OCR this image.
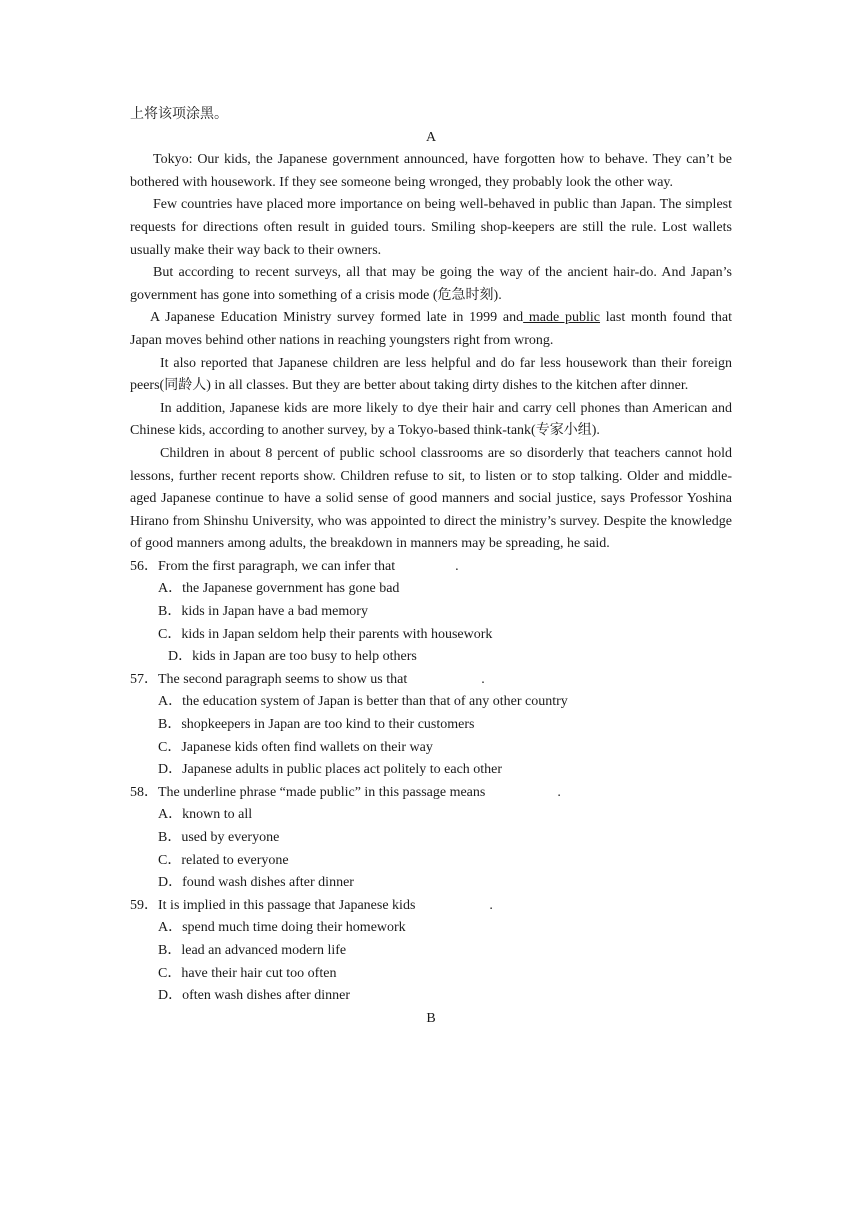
上将该项涂黑。

A

Tokyo: Our kids, the Japanese government announced, have forgotten how to behave. They can’t be bothered with housework. If they see someone being wronged, they probably look the other way.

Few countries have placed more importance on being well-behaved in public than Japan. The simplest requests for directions often result in guided tours. Smiling shop-keepers are still the rule. Lost wallets usually make their way back to their owners.

But according to recent surveys, all that may be going the way of the ancient hair-do. And Japan’s government has gone into something of a crisis mode (危急时刻).

A Japanese Education Ministry survey formed late in 1999 and made public last month found that Japan moves behind other nations in reaching youngsters right from wrong.

It also reported that Japanese children are less helpful and do far less housework than their foreign peers(同龄人) in all classes. But they are better about taking dirty dishes to the kitchen after dinner.

In addition, Japanese kids are more likely to dye their hair and carry cell phones than American and Chinese kids, according to another survey, by a Tokyo-based think-tank(专家小组).

Children in about 8 percent of public school classrooms are so disorderly that teachers cannot hold lessons, further recent reports show. Children refuse to sit, to listen or to stop talking. Older and middle-aged Japanese continue to have a solid sense of good manners and social justice, says Professor Yoshina Hirano from Shinshu University, who was appointed to direct the ministry’s survey. Despite the knowledge of good manners among adults, the breakdown in manners may be spreading, he said.

56．From the first paragraph, we can infer that	.

A．the Japanese government has gone bad

B．kids in Japan have a bad memory

C．kids in Japan seldom help their parents with housework

D．kids in Japan are too busy to help others

57．The second paragraph seems to show us that	.

A．the education system of Japan is better than that of any other country

B．shopkeepers in Japan are too kind to their customers

C．Japanese kids often find wallets on their way

D．Japanese adults in public places act politely to each other

58．The underline phrase “made public” in this passage means	.

A．known to all

B．used by everyone

C．related to everyone

D．found wash dishes after dinner

59．It is implied in this passage that Japanese kids	.

A．spend much time doing their homework

B．lead an advanced modern life

C．have their hair cut too often

D．often wash dishes after dinner

B
